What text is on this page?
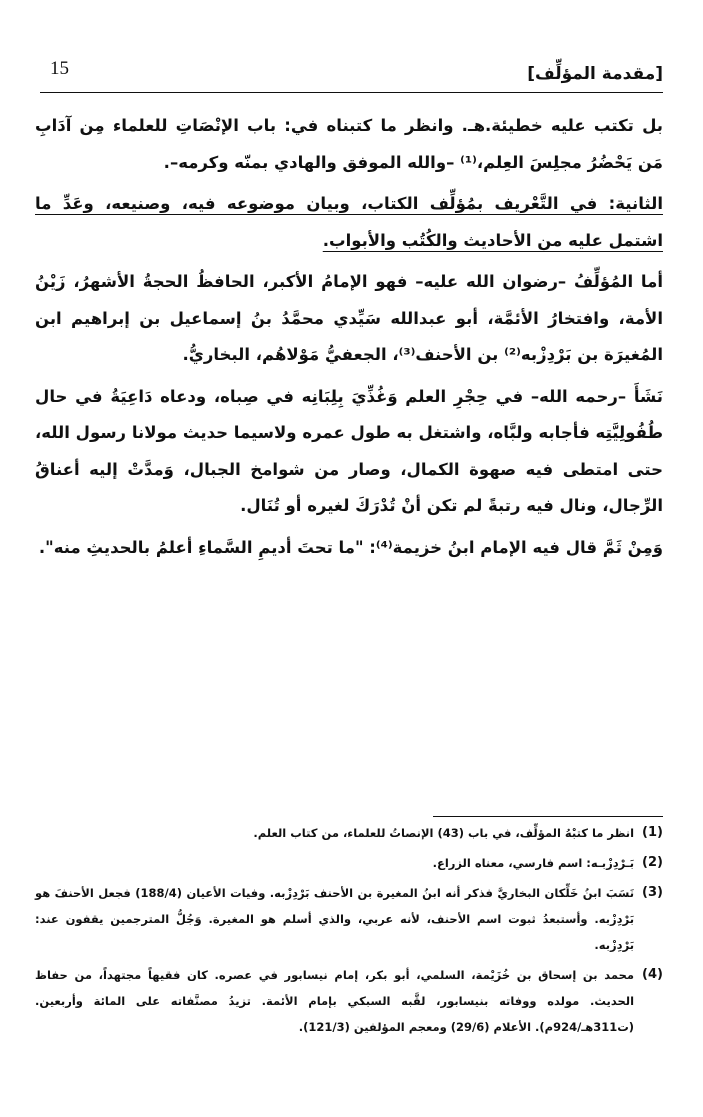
15	[مقدمة المؤلِّف]

بل تكتب عليه خطيئة.هـ. وانظر ما كتبناه في: باب الإنْصَاتِ للعلماء مِن آدَابِ مَن يَحْضُرُ مجلِسَ العِلم،⁽¹⁾ –والله الموفق والهادي بمنّه وكرمه–.

الثانية: في التَّعْريف بمُؤلِّف الكتاب، وبيان موضوعه فيه، وصنيعه، وعَدِّ ما اشتمل عليه من الأحاديث والكُتُب والأبواب.

أما المُؤلِّفُ –رضوان الله عليه– فهو الإمامُ الأكبر، الحافظُ الحجةُ الأشهرُ، زَيْنُ الأمة، وافتخارُ الأئمَّة، أبو عبدالله سَيِّدي محمَّدُ بنُ إسماعيل بن إبراهيم ابن المُغيرَة بن بَرْدِزْبه⁽²⁾ بن الأحنف⁽³⁾، الجعفيُّ مَوْلاهُم، البخاريُّ.

نَشَأَ –رحمه الله– في حِجْرِ العلم وَغُذِّيَ بِلِبَانِه في صِباه، ودعاه دَاعِيَةُ في حال طُفُولِيَّتِه فأجابه ولبَّاه، واشتغل به طول عمره ولاسيما حديث مولانا رسول الله، حتى امتطى فيه صهوة الكمال، وصار من شوامخ الجبال، وَمدَّتْ إليه أعناقُ الرِّجال، ونال فيه رتبةً لم تكن أنْ تُدْرَكَ لغيره أو تُنَال.

وَمِنْ ثَمَّ قال فيه الإمام ابنُ خزيمة⁽⁴⁾: "ما تحتَ أديمِ السَّماءِ أعلمُ بالحديثِ منه".

(1)
انظر ما كتبْهُ المؤلِّف، في باب (43) الإنصاتُ للعلماء، من كتاب العلم.
(2)
بَـرْدِزْبـه: اسم فارسي، معناه الزراع.
(3)
نَسَبَ ابنُ خَلِّكان البخاريَّ فذكر أنه ابنُ المغيرة بن الأحنف بَرْدِزْبه. وفيات الأعيان (188/4) فجعل الأحنفَ هو بَرْدِزْبه. وأستبعدُ ثبوت اسم الأحنف، لأنه عربي، والذي أسلم هو المغيرة. وَجُلُّ المترجمين يقفون عند: بَرْدِزْبه.
(4)
محمد بن إسحاق بن خُزَيْمة، السلمي، أبو بكر، إمام نيسابور في عصره. كان فقيهاً مجتهداً، من حفاظ الحديث. مولده ووفاته بنيسابور، لقَّبه السبكي بإمام الأئمة. تزيدُ مصنَّفاته على المائة وأربعين. (ت311هـ/924م). الأعلام (29/6) ومعجم المؤلفين (121/3).
